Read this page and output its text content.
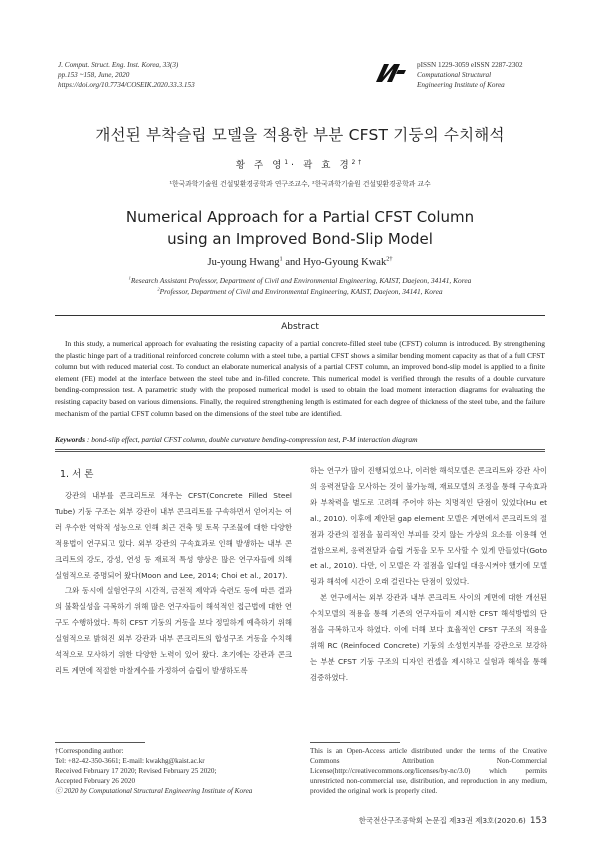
J. Comput. Struct. Eng. Inst. Korea, 33(3)
pp.153 ~158, June, 2020
https://doi.org/10.7734/COSEIK.2020.33.3.153
pISSN 1229-3059 eISSN 2287-2302
Computational Structural
Engineering Institute of Korea
개선된 부착슬립 모델을 적용한 부분 CFST 기둥의 수치해석
황 주 영$^1$· 곽 효 경$^{2\dagger}$
¹한국과학기술원 건설및환경공학과 연구조교수, ²한국과학기술원 건설및환경공학과 교수
Numerical Approach for a Partial CFST Column
using an Improved Bond-Slip Model
Ju-young Hwang$^1$ and Hyo-Gyoung Kwak$^{2\dagger}$
$^1$Research Assistant Professor, Department of Civil and Environmental Engineering, KAIST, Daejeon, 34141, Korea
$^2$Professor, Department of Civil and Environmental Engineering, KAIST, Daejeon, 34141, Korea
Abstract
In this study, a numerical approach for evaluating the resisting capacity of a partial concrete-filled steel tube (CFST) column is introduced. By strengthening the plastic hinge part of a traditional reinforced concrete column with a steel tube, a partial CFST shows a similar bending moment capacity as that of a full CFST column but with reduced material cost. To conduct an elaborate numerical analysis of a partial CFST column, an improved bond-slip model is applied to a finite element (FE) model at the interface between the steel tube and in-filled concrete. This numerical model is verified through the results of a double curvature bending-compression test. A parametric study with the proposed numerical model is used to obtain the load moment interaction diagrams for evaluating the resisting capacity based on various dimensions. Finally, the required strengthening length is estimated for each degree of thickness of the steel tube, and the failure mechanism of the partial CFST column based on the dimensions of the steel tube are identified.
Keywords : bond-slip effect, partial CFST column, double curvature bending-compression test, P-M interaction diagram
1. 서 론

강관의 내부를 콘크리트로 채우는 CFST(Concrete Filled Steel Tube) 기둥 구조는 외부 강관이 내부 콘크리트를 구속하면서 얻어지는 여러 우수한 역학적 성능으로 인해 최근 건축 및 토목 구조물에 대한 다양한 적용법이 연구되고 있다. 외부 강관의 구속효과로 인해 발생하는 내부 콘크리트의 강도, 강성, 연성 등 재료적 특성 향상은 많은 연구자들에 의해 실험적으로 증명되어 왔다(Moon and Lee, 2014; Choi et al., 2017).

그와 동시에 실험연구의 시간적, 금전적 제약과 숙련도 등에 따른 결과의 불확실성을 극복하기 위해 많은 연구자들이 해석적인 접근법에 대한 연구도 수행하였다. 특히 CFST 기둥의 거동을 보다 정밀하게 예측하기 위해 실험적으로 밝혀진 외부 강관과 내부 콘크리트의 합성구조 거동을 수치해석적으로 모사하기 위한 다양한 노력이 있어 왔다. 초기에는 강관과 콘크리트 계면에 적절한 마찰계수를 가정하여 슬립이 발생하도록

하는 연구가 많이 진행되었으나, 이러한 해석모델은 콘크리트와 강관 사이의 응력전달을 모사하는 것이 불가능해, 재료모델의 조정을 통해 구속효과와 부착력을 별도로 고려해 주어야 하는 치명적인 단점이 있었다(Hu et al., 2010). 이후에 제안된 gap element 모델은 계면에서 콘크리트의 절점과 강관의 절점을 물리적인 부피를 갖지 않는 가상의 요소를 이용해 연결함으로써, 응력전달과 슬립 거동을 모두 모사할 수 있게 만들었다(Goto et al., 2010). 다만, 이 모델은 각 절점을 일대일 대응시켜야 했기에 모델링과 해석에 시간이 오래 걸린다는 단점이 있었다.

본 연구에서는 외부 강관과 내부 콘크리트 사이의 계면에 대한 개선된 수치모델의 적용을 통해 기존의 연구자들이 제시한 CFST 해석방법의 단점을 극복하고자 하였다. 이에 더해 보다 효율적인 CFST 구조의 적용을 위해 RC (Reinfoced Concrete) 기둥의 소성힌지부를 강관으로 보강하는 부분 CFST 기둥 구조의 디자인 컨셉을 제시하고 실험과 해석을 통해 검증하였다.

†Corresponding author:
Tel: +82-42-350-3661; E-mail: kwakhg@kaist.ac.kr
Received February 17 2020; Revised February 25 2020;
Accepted February 26 2020
ⓒ 2020 by Computational Structural Engineering Institute of Korea
This is an Open-Access article distributed under the terms of the Creative Commons Attribution Non-Commercial License(http://creativecommons.org/licenses/by-nc/3.0) which permits unrestricted non-commercial use, distribution, and reproduction in any medium, provided the original work is properly cited.
한국전산구조공학회 논문집 제33권 제3호(2020.6) 153
